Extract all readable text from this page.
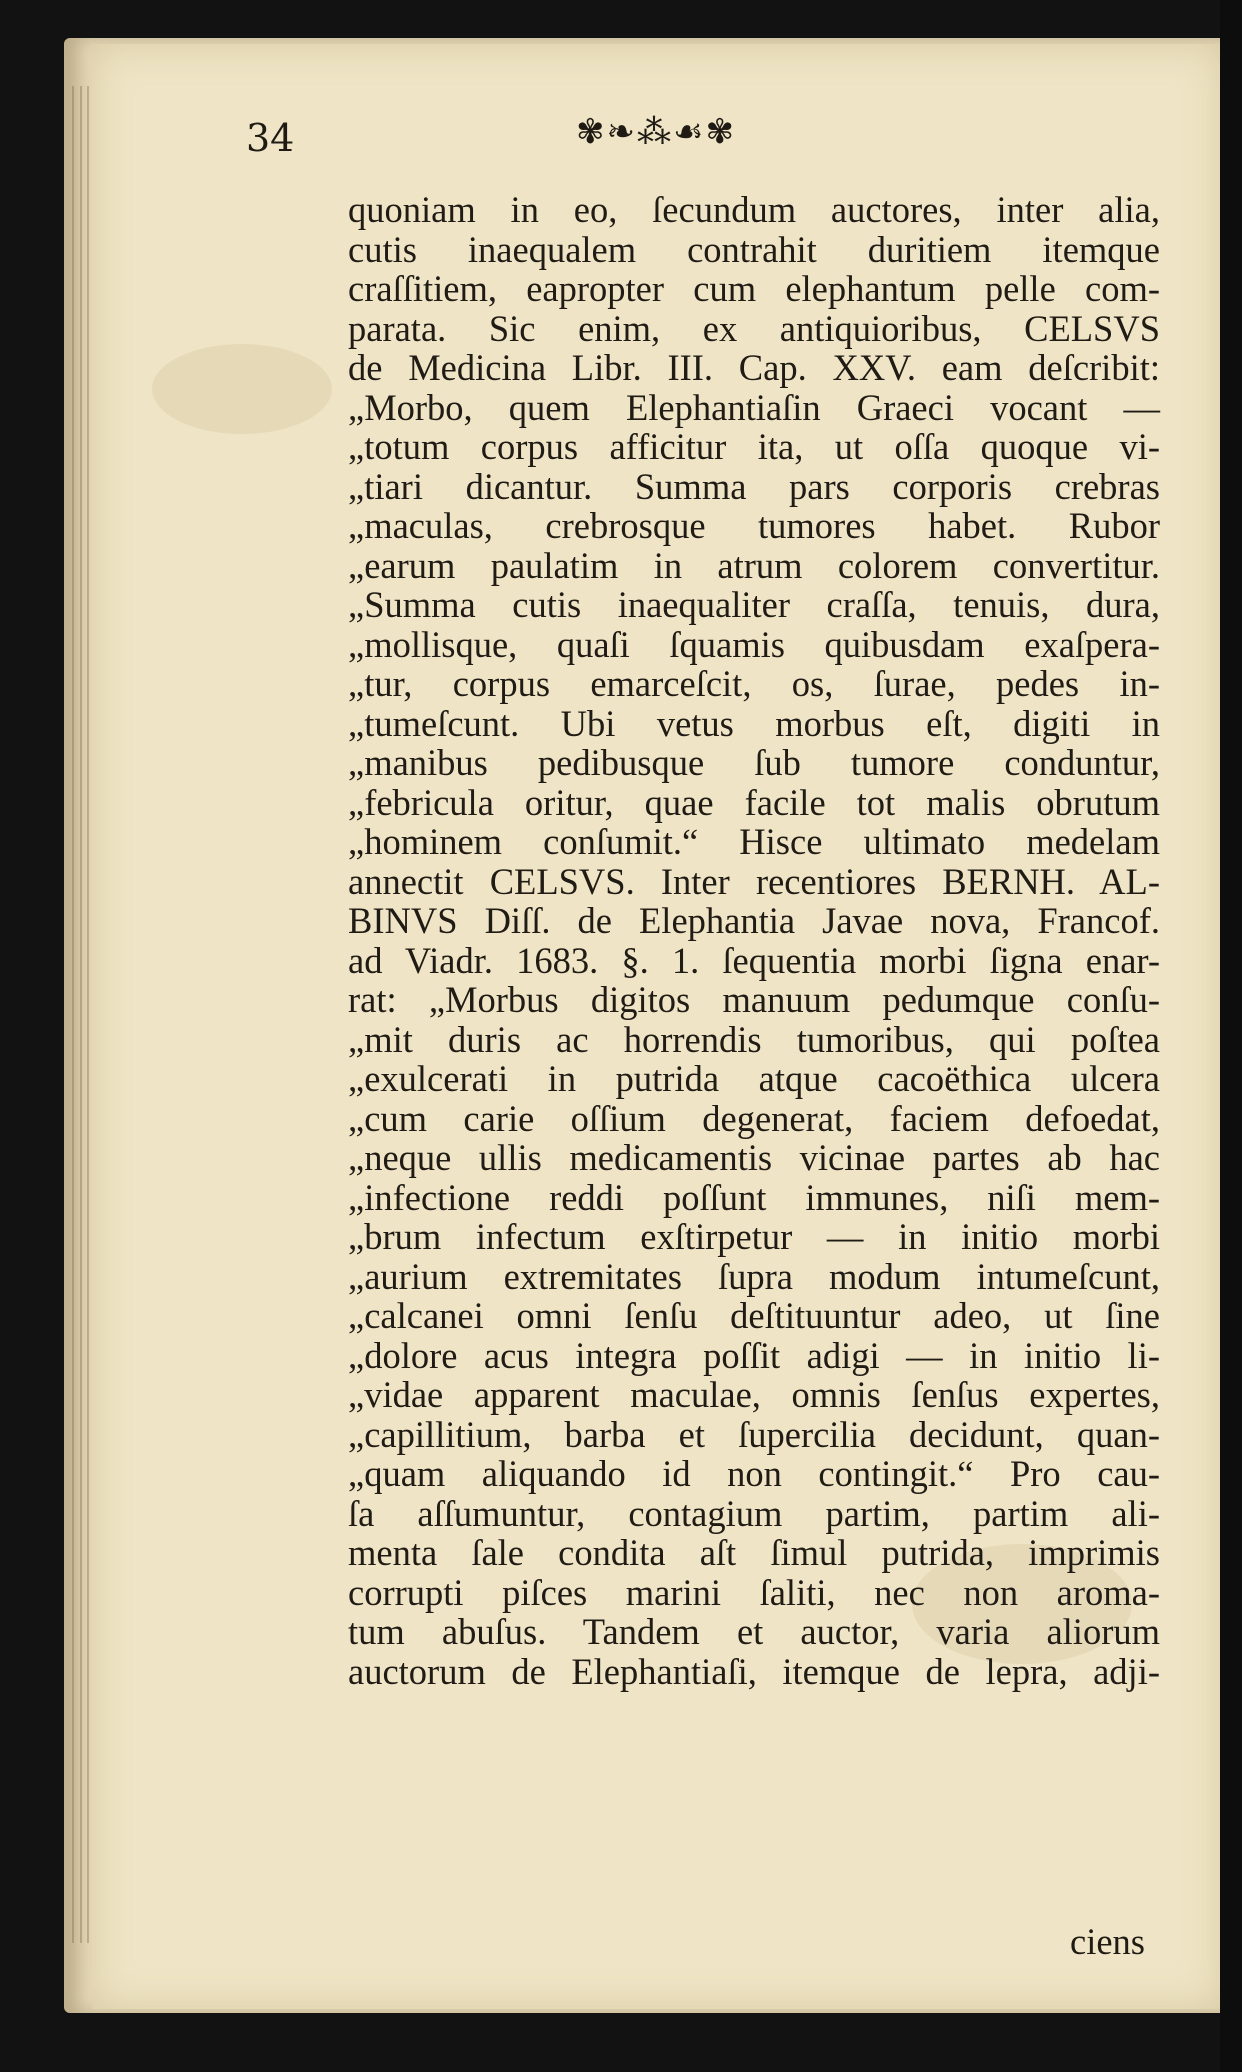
34	✾❧⁂☙✾
quoniam in eo, ſecundum auctores, inter alia,
cutis inaequalem contrahit duritiem itemque
craſſitiem, eapropter cum elephantum pelle com-
parata. Sic enim, ex antiquioribus, CELSVS
de Medicina Libr. III. Cap. XXV. eam deſcribit:
„Morbo, quem Elephantiaſin Graeci vocant —
„totum corpus afficitur ita, ut oſſa quoque vi-
„tiari dicantur. Summa pars corporis crebras
„maculas, crebrosque tumores habet. Rubor
„earum paulatim in atrum colorem convertitur.
„Summa cutis inaequaliter craſſa, tenuis, dura,
„mollisque, quaſi ſquamis quibusdam exaſpera-
„tur, corpus emarceſcit, os, ſurae, pedes in-
„tumeſcunt. Ubi vetus morbus eſt, digiti in
„manibus pedibusque ſub tumore conduntur,
„febricula oritur, quae facile tot malis obrutum
„hominem conſumit.“ Hisce ultimato medelam
annectit CELSVS. Inter recentiores BERNH. AL-
BINVS Diſſ. de Elephantia Javae nova, Francof.
ad Viadr. 1683. §. 1. ſequentia morbi ſigna enar-
rat: „Morbus digitos manuum pedumque conſu-
„mit duris ac horrendis tumoribus, qui poſtea
„exulcerati in putrida atque cacoëthica ulcera
„cum carie oſſium degenerat, faciem defoedat,
„neque ullis medicamentis vicinae partes ab hac
„infectione reddi poſſunt immunes, niſi mem-
„brum infectum exſtirpetur — in initio morbi
„aurium extremitates ſupra modum intumeſcunt,
„calcanei omni ſenſu deſtituuntur adeo, ut ſine
„dolore acus integra poſſit adigi — in initio li-
„vidae apparent maculae, omnis ſenſus expertes,
„capillitium, barba et ſupercilia decidunt, quan-
„quam aliquando id non contingit.“ Pro cau-
ſa aſſumuntur, contagium partim, partim ali-
menta ſale condita aſt ſimul putrida, imprimis
corrupti piſces marini ſaliti, nec non aroma-
tum abuſus. Tandem et auctor, varia aliorum
auctorum de Elephantiaſi, itemque de lepra, adji-
ciens
